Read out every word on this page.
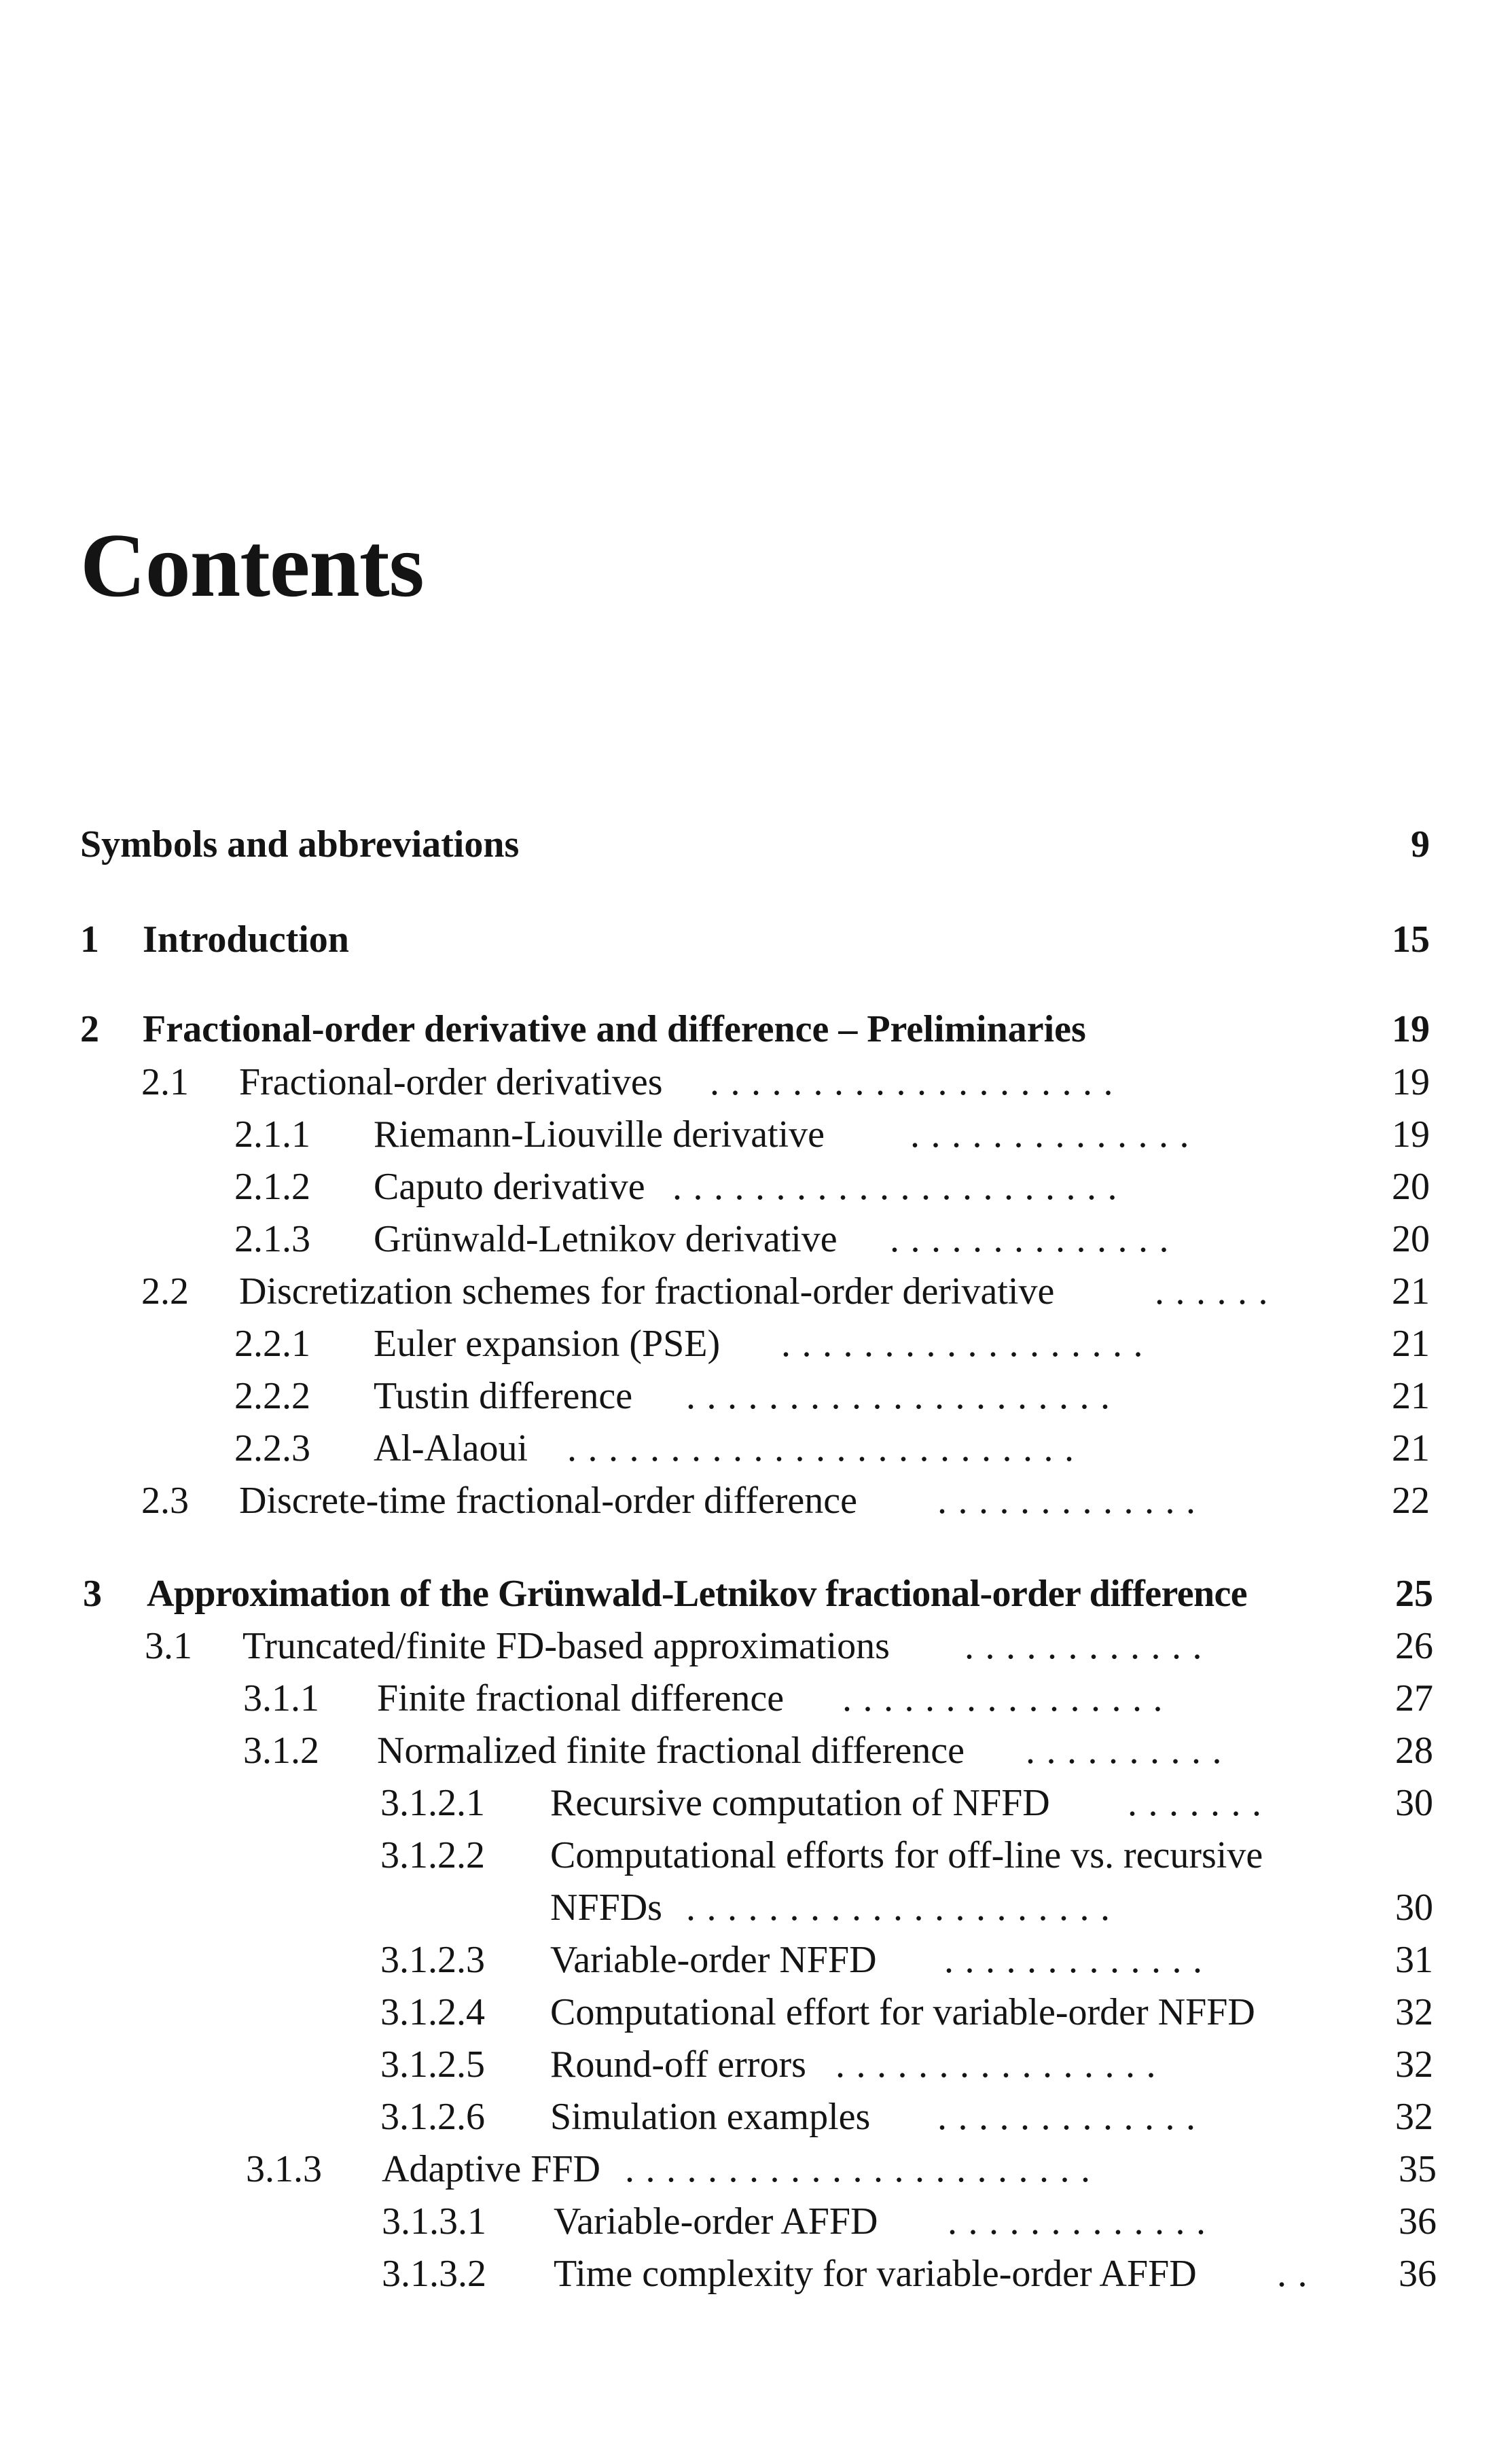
Contents
Symbols and abbreviations	9
1 Introduction	15
2 Fractional-order derivative and difference – Preliminaries	19
2.1 Fractional-order derivatives ....................	19
2.1.1 Riemann-Liouville derivative ..............	19
2.1.2 Caputo derivative ......................	20
2.1.3 Grünwald-Letnikov derivative ..............	20
2.2 Discretization schemes for fractional-order derivative	......	21
2.2.1 Euler expansion (PSE) ..................	21
2.2.2 Tustin difference .....................	21
2.2.3 Al-Alaoui .........................	21
2.3 Discrete-time fractional-order difference .............	22
3 Approximation of the Grünwald-Letnikov fractional-order difference	25
3.1 Truncated/finite FD-based approximations ............	26
3.1.1 Finite fractional difference ................	27
3.1.2 Normalized finite fractional difference ..........	28
3.1.2.1 Recursive computation of NFFD .......	30
3.1.2.2 Computational efforts for off-line vs. recursive
NFFDs .....................	30
3.1.2.3 Variable-order NFFD .............	31
3.1.2.4 Computational effort for variable-order NFFD	32
3.1.2.5 Round-off errors ................	32
3.1.2.6 Simulation examples .............	32
3.1.3 Adaptive FFD .......................	35
3.1.3.1 Variable-order AFFD .............	36
3.1.3.2 Time complexity for variable-order AFFD ..	36
